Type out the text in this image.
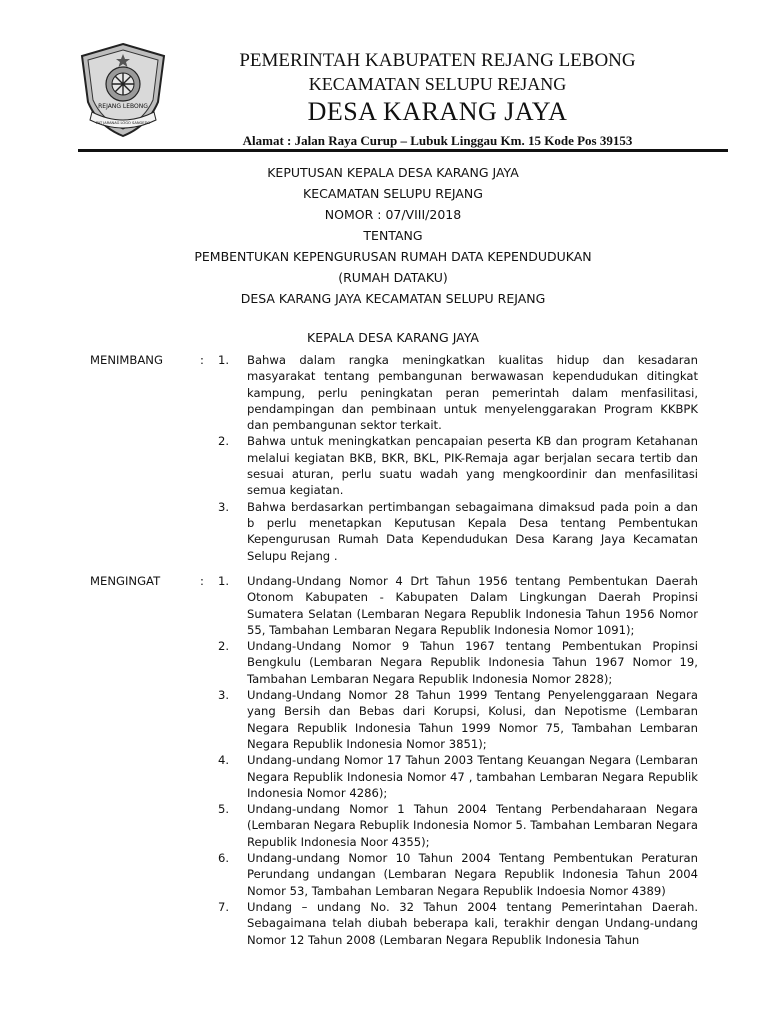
REJANG LEBONG
PAT JARANAG LOGO SANGEDO
PEMERINTAH KABUPATEN REJANG LEBONG
KECAMATAN SELUPU REJANG
DESA KARANG JAYA
Alamat : Jalan Raya Curup – Lubuk Linggau Km. 15 Kode Pos 39153
KEPUTUSAN KEPALA DESA KARANG JAYA
KECAMATAN SELUPU REJANG
NOMOR : 07/VIII/2018
TENTANG
PEMBENTUKAN KEPENGURUSAN RUMAH DATA KEPENDUDUKAN
(RUMAH DATAKU)
DESA KARANG JAYA KECAMATAN SELUPU REJANG
KEPALA DESA KARANG JAYA
MENIMBANG	:	1.	Bahwa dalam rangka meningkatkan kualitas hidup dan kesadaran masyarakat tentang pembangunan berwawasan kependudukan ditingkat kampung, perlu peningkatan peran pemerintah dalam menfasilitasi, pendampingan dan pembinaan untuk menyelenggarakan Program KKBPK dan pembangunan sektor terkait.
2.	Bahwa untuk meningkatkan pencapaian peserta KB dan program Ketahanan melalui kegiatan BKB, BKR, BKL, PIK-Remaja agar berjalan secara tertib dan sesuai aturan, perlu suatu wadah yang mengkoordinir dan menfasilitasi semua kegiatan.
3.	Bahwa berdasarkan pertimbangan sebagaimana dimaksud pada poin a dan b perlu menetapkan Keputusan Kepala Desa tentang Pembentukan Kepengurusan Rumah Data Kependudukan Desa Karang Jaya Kecamatan Selupu Rejang .
MENGINGAT	:	1.	Undang-Undang Nomor 4 Drt Tahun 1956 tentang Pembentukan Daerah Otonom Kabupaten - Kabupaten Dalam Lingkungan Daerah Propinsi Sumatera Selatan (Lembaran Negara Republik Indonesia Tahun 1956 Nomor 55, Tambahan Lembaran Negara Republik Indonesia Nomor 1091);
2.	Undang-Undang Nomor 9 Tahun 1967 tentang Pembentukan Propinsi Bengkulu (Lembaran Negara Republik Indonesia Tahun 1967 Nomor 19, Tambahan Lembaran Negara Republik Indonesia Nomor 2828);
3.	Undang-Undang Nomor 28 Tahun 1999 Tentang Penyelenggaraan Negara yang Bersih dan Bebas dari Korupsi, Kolusi, dan Nepotisme (Lembaran Negara Republik Indonesia Tahun 1999 Nomor 75, Tambahan Lembaran Negara Republik Indonesia Nomor 3851);
4.	Undang-undang Nomor 17 Tahun 2003 Tentang Keuangan Negara (Lembaran Negara Republik Indonesia Nomor 47 , tambahan Lembaran Negara Republik Indonesia Nomor 4286);
5.	Undang-undang Nomor 1 Tahun 2004 Tentang Perbendaharaan Negara (Lembaran Negara Rebuplik Indonesia Nomor 5. Tambahan Lembaran Negara Republik Indonesia Noor 4355);
6.	Undang-undang Nomor 10 Tahun 2004 Tentang Pembentukan Peraturan Perundang undangan (Lembaran Negara Republik Indonesia Tahun 2004 Nomor 53, Tambahan Lembaran Negara Republik Indoesia Nomor 4389)
7.	Undang – undang No. 32 Tahun 2004 tentang Pemerintahan Daerah. Sebagaimana telah diubah beberapa kali, terakhir dengan Undang-undang Nomor 12 Tahun 2008 (Lembaran Negara Republik Indonesia Tahun
